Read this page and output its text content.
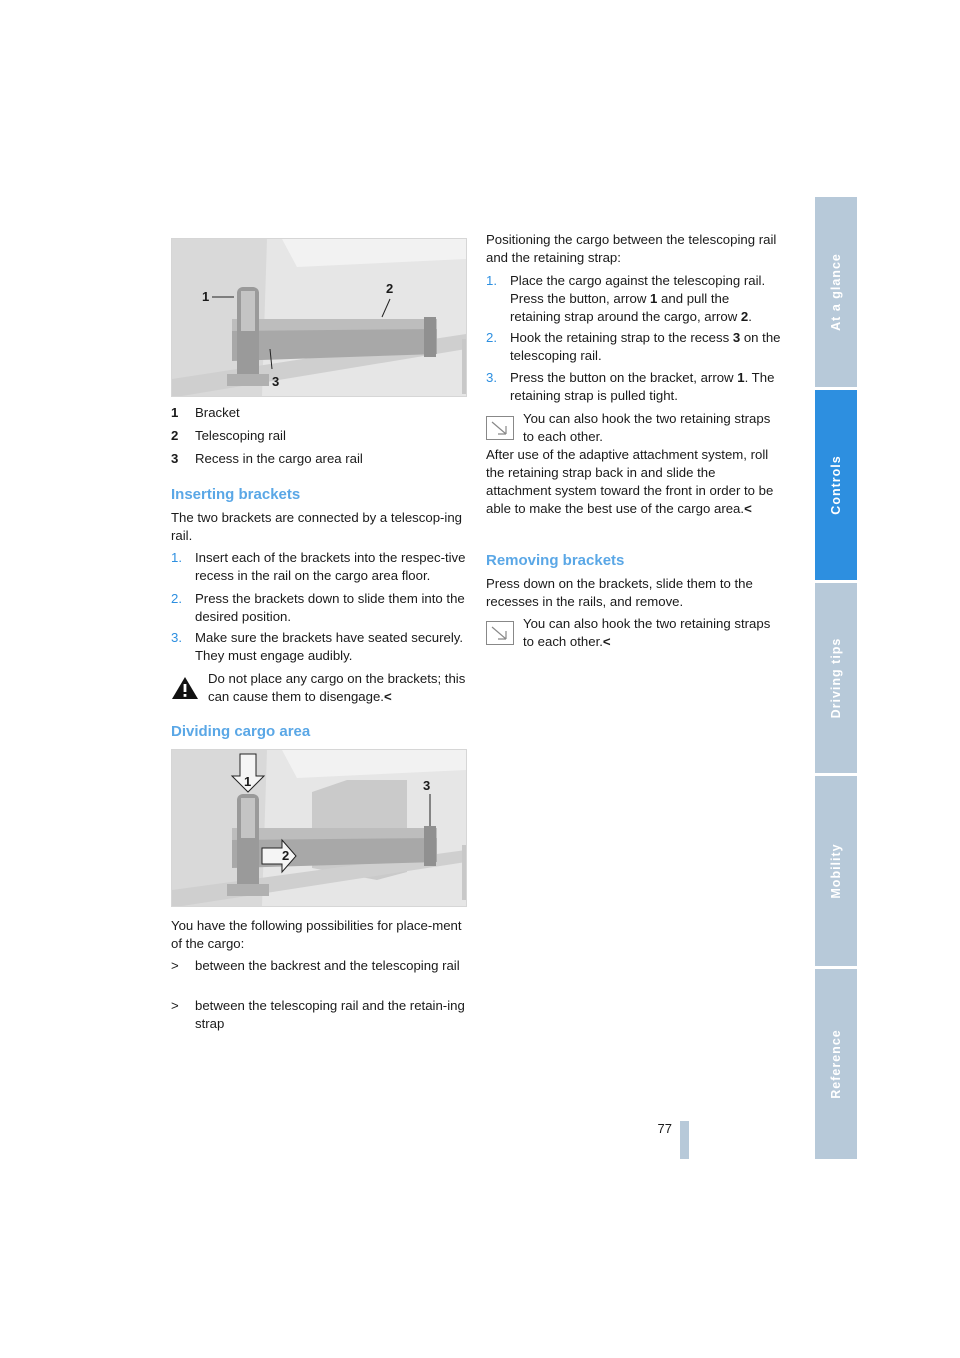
1
2
3
1 Bracket
2 Telescoping rail
3 Recess in the cargo area rail
Inserting brackets

The two brackets are connected by a telescop-ing rail.

1. Insert each of the brackets into the respec-tive recess in the rail on the cargo area floor.
2. Press the brackets down to slide them into the desired position.
3. Make sure the brackets have seated securely. They must engage audibly.
Do not place any cargo on the brackets; this can cause them to disengage.<
Dividing cargo area
1
2
3

You have the following possibilities for place-ment of the cargo:

> between the backrest and the telescoping rail
> between the telescoping rail and the retain-ing strap

Positioning the cargo between the telescoping rail and the retaining strap:

1. Place the cargo against the telescoping rail. Press the button, arrow 1 and pull the retaining strap around the cargo, arrow 2.
2. Hook the retaining strap to the recess 3 on the telescoping rail.
3. Press the button on the bracket, arrow 1. The retaining strap is pulled tight.
You can also hook the two retaining straps to each other.

After use of the adaptive attachment system, roll the retaining strap back in and slide the attachment system toward the front in order to be able to make the best use of the cargo area.<

Removing brackets

Press down on the brackets, slide them to the recesses in the rails, and remove.

You can also hook the two retaining straps to each other.<
At a glance
Controls
Driving tips
Mobility
Reference
77
